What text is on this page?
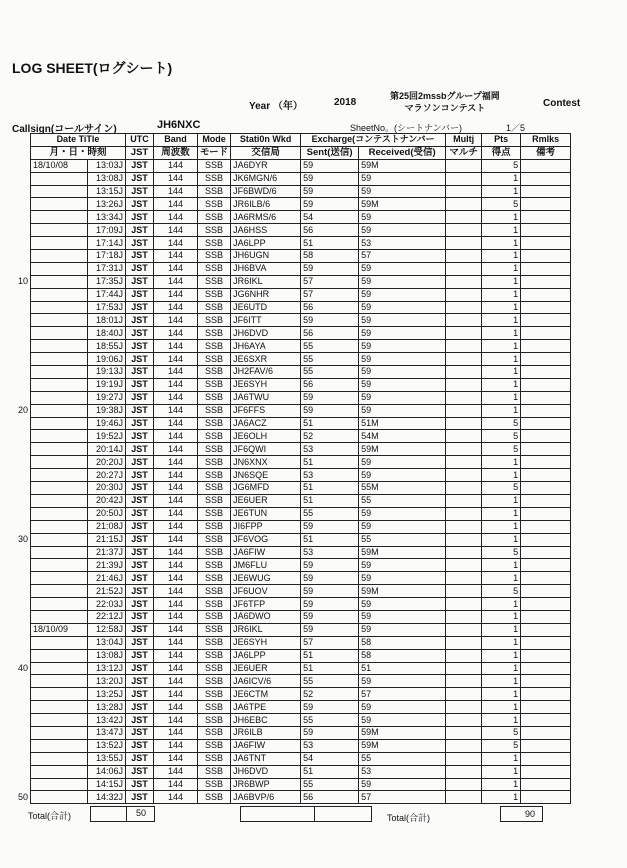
LOG SHEET(ログシート)
Year （年）	2018
第25回2mssbグループ福岡
マラソンコンテスト	Contest
Callsign(コールサイン)	JH6NXC	SheetNo。(シートナンバー)	1／5
Date TiTle		UTC	Band	Mode	Stati0n Wkd	Excharge(コンテストナンバー		Multj	Pts	Rmlks
月・日・時刻		JST	周波数	モード	交信局	Sent(送信)	Received(受信)	マルチ	得点	備考
18/10/08	13:03J	JST	144	SSB	JA6DYR	59	59M		5	
	13:08J	JST	144	SSB	JK6MGN/6	59	59		1	
	13:15J	JST	144	SSB	JF6BWD/6	59	59		1	
	13:26J	JST	144	SSB	JR6ILB/6	59	59M		5	
	13:34J	JST	144	SSB	JA6RMS/6	54	59		1	
	17:09J	JST	144	SSB	JA6HSS	56	59		1	
	17:14J	JST	144	SSB	JA6LPP	51	53		1	
	17:18J	JST	144	SSB	JH6UGN	58	57		1	
	17:31J	JST	144	SSB	JH6BVA	59	59		1	
	17:35J	JST	144	SSB	JR6IKL	57	59		1	
	17:44J	JST	144	SSB	JG6NHR	57	59		1	
	17:53J	JST	144	SSB	JE6UTD	56	59		1	
	18:01J	JST	144	SSB	JF6ITT	59	59		1	
	18:40J	JST	144	SSB	JH6DVD	56	59		1	
	18:55J	JST	144	SSB	JH6AYA	55	59		1	
	19:06J	JST	144	SSB	JE6SXR	55	59		1	
	19:13J	JST	144	SSB	JH2FAV/6	55	59		1	
	19:19J	JST	144	SSB	JE6SYH	56	59		1	
	19:27J	JST	144	SSB	JA6TWU	59	59		1	
	19:38J	JST	144	SSB	JF6FFS	59	59		1	
	19:46J	JST	144	SSB	JA6ACZ	51	51M		5	
	19:52J	JST	144	SSB	JE6OLH	52	54M		5	
	20:14J	JST	144	SSB	JF6QWI	53	59M		5	
	20:20J	JST	144	SSB	JN6XNX	51	59		1	
	20:27J	JST	144	SSB	JN6SQE	53	59		1	
	20:30J	JST	144	SSB	JG6MFD	51	55M		5	
	20:42J	JST	144	SSB	JE6UER	51	55		1	
	20:50J	JST	144	SSB	JE6TUN	55	59		1	
	21:08J	JST	144	SSB	JI6FPP	59	59		1	
	21:15J	JST	144	SSB	JF6VOG	51	55		1	
	21:37J	JST	144	SSB	JA6FIW	53	59M		5	
	21:39J	JST	144	SSB	JM6FLU	59	59		1	
	21:46J	JST	144	SSB	JE6WUG	59	59		1	
	21:52J	JST	144	SSB	JF6UOV	59	59M		5	
	22:03J	JST	144	SSB	JF6TFP	59	59		1	
	22:12J	JST	144	SSB	JA6DWO	59	59		1	
18/10/09	12:58J	JST	144	SSB	JR6IKL	59	59		1	
	13:04J	JST	144	SSB	JE6SYH	57	58		1	
	13:08J	JST	144	SSB	JA6LPP	51	58		1	
	13:12J	JST	144	SSB	JE6UER	51	51		1	
	13:20J	JST	144	SSB	JA6ICV/6	55	59		1	
	13:25J	JST	144	SSB	JE6CTM	52	57		1	
	13:28J	JST	144	SSB	JA6TPE	59	59		1	
	13:42J	JST	144	SSB	JH6EBC	55	59		1	
	13:47J	JST	144	SSB	JR6ILB	59	59M		5	
	13:52J	JST	144	SSB	JA6FIW	53	59M		5	
	13:55J	JST	144	SSB	JA6TNT	54	55		1	
	14:06J	JST	144	SSB	JH6DVD	51	53		1	
	14:15J	JST	144	SSB	JR6BWP	55	59		1	
	14:32J	JST	144	SSB	JA6BVP/6	56	57		1	
10
20
30
40
50
Total(合計)	50	Total(合計)	90
